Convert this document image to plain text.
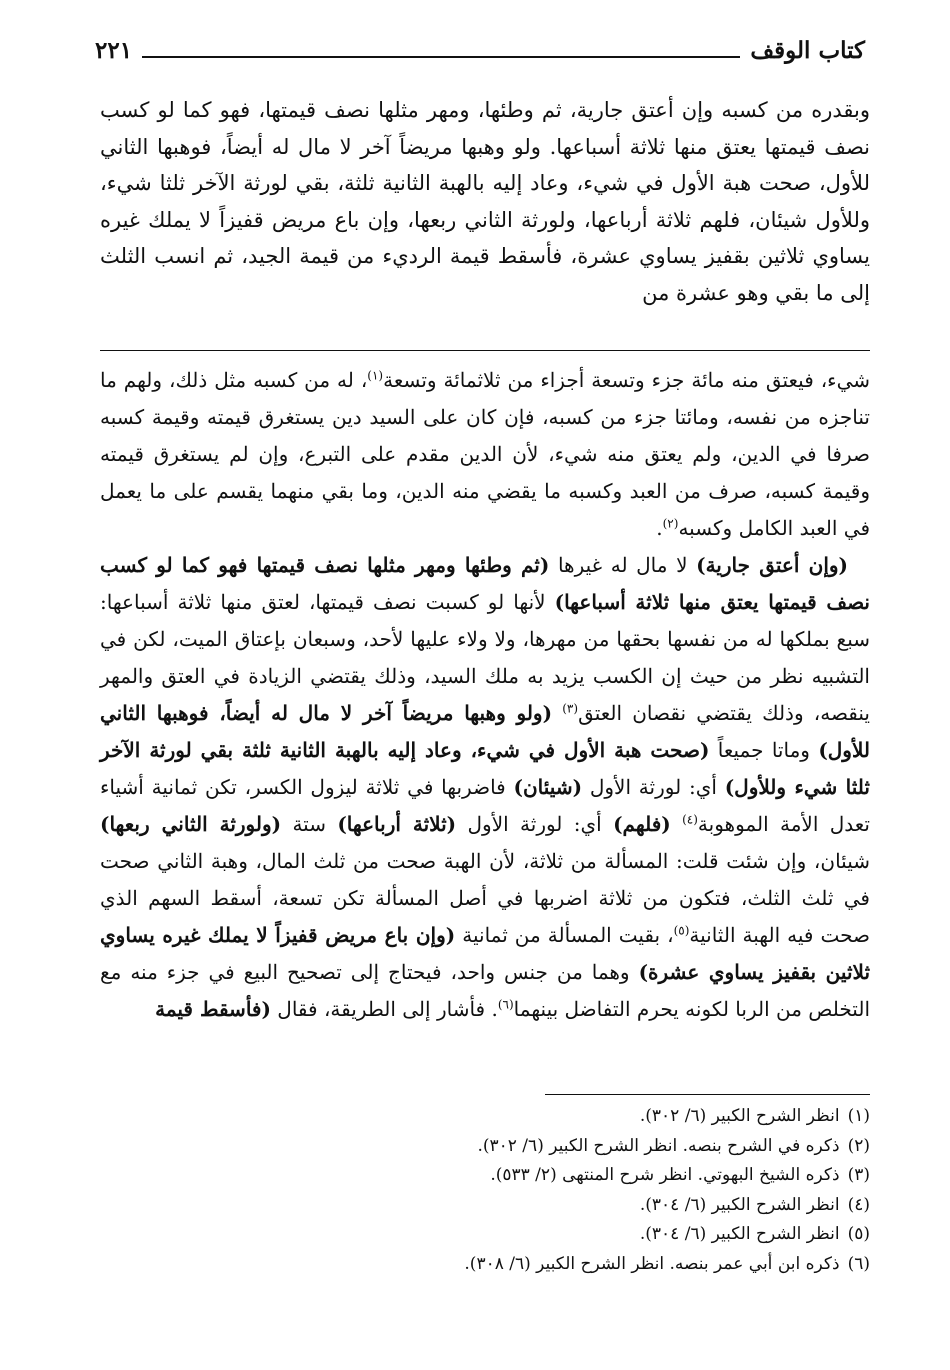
كتاب الوقف
٢٢١

وبقدره من كسبه وإن أعتق جارية، ثم وطئها، ومهر مثلها نصف قيمتها، فهو كما لو كسب نصف قيمتها يعتق منها ثلاثة أسباعها. ولو وهبها مريضاً آخر لا مال له أيضاً، فوهبها الثاني للأول، صحت هبة الأول في شيء، وعاد إليه بالهبة الثانية ثلثة، بقي لورثة الآخر ثلثا شيء، وللأول شيئان، فلهم ثلاثة أرباعها، ولورثة الثاني ربعها، وإن باع مريض قفيزاً لا يملك غيره يساوي ثلاثين بقفيز يساوي عشرة، فأسقط قيمة الرديء من قيمة الجيد، ثم انسب الثلث إلى ما بقي وهو عشرة من

شيء، فيعتق منه مائة جزء وتسعة أجزاء من ثلاثمائة وتسعة$^{(١)}$، له من كسبه مثل ذلك، ولهم ما تناجزه من نفسه، ومائتا جزء من كسبه، فإن كان على السيد دين يستغرق قيمته وقيمة كسبه صرفا في الدين، ولم يعتق منه شيء، لأن الدين مقدم على التبرع، وإن لم يستغرق قيمته وقيمة كسبه، صرف من العبد وكسبه ما يقضي منه الدين، وما بقي منهما يقسم على ما يعمل في العبد الكامل وكسبه$^{(٢)}$.
(وإن أعتق جارية) لا مال له غيرها (ثم وطئها ومهر مثلها نصف قيمتها فهو كما لو كسب نصف قيمتها يعتق منها ثلاثة أسباعها) لأنها لو كسبت نصف قيمتها، لعتق منها ثلاثة أسباعها: سبع بملكها له من نفسها بحقها من مهرها، ولا ولاء عليها لأحد، وسبعان بإعتاق الميت، لكن في التشبيه نظر من حيث إن الكسب يزيد به ملك السيد، وذلك يقتضي الزيادة في العتق والمهر ينقصه، وذلك يقتضي نقصان العتق$^{(٣)}$ (ولو وهبها مريضاً آخر لا مال له أيضاً، فوهبها الثاني للأول) وماتا جميعاً (صحت هبة الأول في شيء، وعاد إليه بالهبة الثانية ثلثة بقي لورثة الآخر ثلثا شيء وللأول) أي: لورثة الأول (شيئان) فاضربها في ثلاثة ليزول الكسر، تكن ثمانية أشياء تعدل الأمة الموهوبة$^{(٤)}$ (فلهم) أي: لورثة الأول (ثلاثة أرباعها) ستة (ولورثة الثاني ربعها) شيئان، وإن شئت قلت: المسألة من ثلاثة، لأن الهبة صحت من ثلث المال، وهبة الثاني صحت في ثلث الثلث، فتكون من ثلاثة اضربها في أصل المسألة تكن تسعة، أسقط السهم الذي صحت فيه الهبة الثانية$^{(٥)}$، بقيت المسألة من ثمانية (وإن باع مريض قفيزاً لا يملك غيره يساوي ثلاثين بقفيز يساوي عشرة) وهما من جنس واحد، فيحتاج إلى تصحيح البيع في جزء منه مع التخلص من الربا لكونه يحرم التفاضل بينهما$^{(٦)}$. فأشار إلى الطريقة، فقال (فأسقط قيمة
(١)انظر الشرح الكبير (٦/ ٣٠٢).
(٢)ذكره في الشرح بنصه. انظر الشرح الكبير (٦/ ٣٠٢).
(٣)ذكره الشيخ البهوتي. انظر شرح المنتهى (٢/ ٥٣٣).
(٤)انظر الشرح الكبير (٦/ ٣٠٤).
(٥)انظر الشرح الكبير (٦/ ٣٠٤).
(٦)ذكره ابن أبي عمر بنصه. انظر الشرح الكبير (٦/ ٣٠٨).
